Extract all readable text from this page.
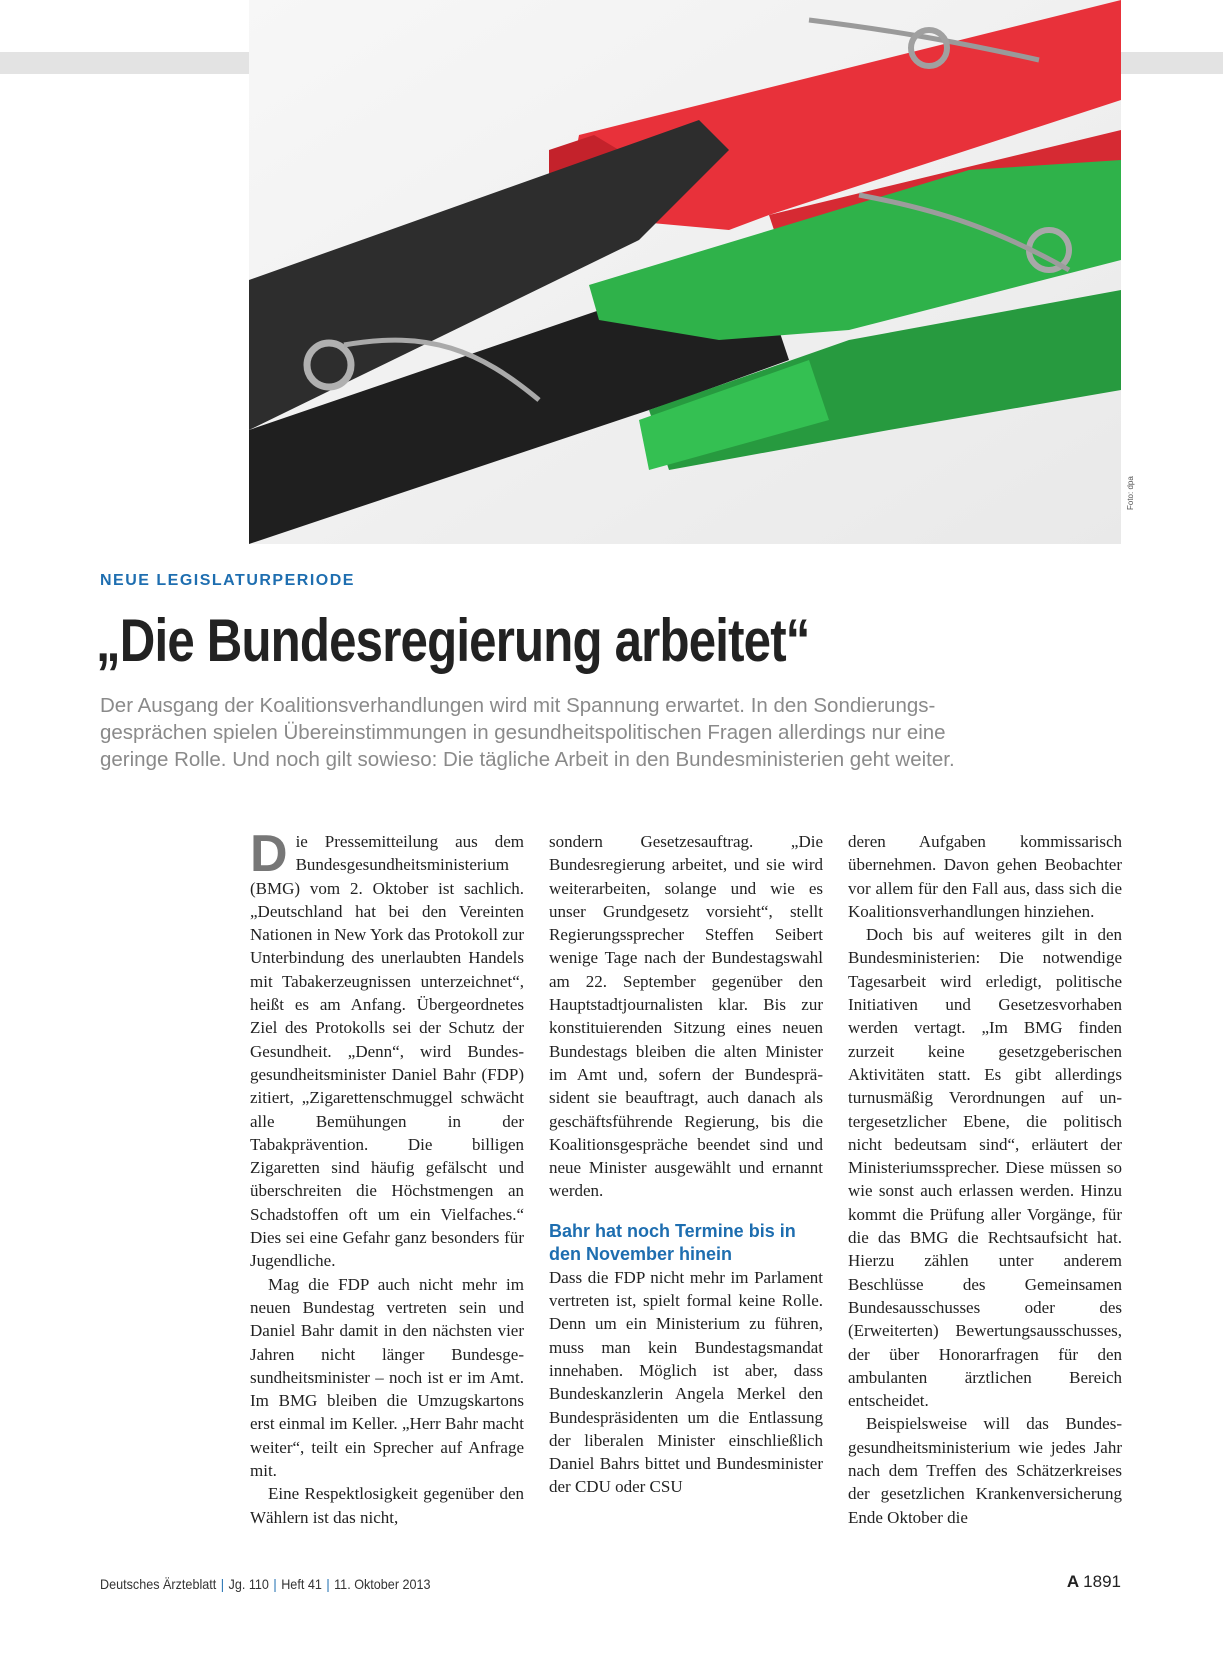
Foto: dpa
NEUE LEGISLATURPERIODE
„Die Bundesregierung arbeitet“
Der Ausgang der Koalitionsverhandlungen wird mit Spannung erwartet. In den Sondierungs-
gesprächen spielen Übereinstimmungen in gesundheitspolitischen Fragen allerdings nur eine
geringe Rolle. Und noch gilt sowieso: Die tägliche Arbeit in den Bundesministerien geht weiter.

Die Pressemitteilung aus dem Bundesgesundheitsministerium (BMG) vom 2. Oktober ist sachlich. „Deutschland hat bei den Vereinten Nationen in New York das Protokoll zur Unterbindung des unerlaubten Handels mit Tabakerzeugnissen unterzeichnet“, heißt es am Anfang. Übergeordnetes Ziel des Protokolls sei der Schutz der Gesundheit. „Denn“, wird Bundesgesundheitsminister Daniel Bahr (FDP) zitiert, „Zigarettenschmuggel schwächt alle Bemühungen in der Tabakprävention. Die billigen Zigaretten sind häufig gefälscht und überschreiten die Höchstmengen an Schadstoffen oft um ein Vielfaches.“ Dies sei eine Gefahr ganz besonders für Jugendliche.

Mag die FDP auch nicht mehr im neuen Bundestag vertreten sein und Daniel Bahr damit in den nächsten vier Jahren nicht länger Bundesgesundheitsminister – noch ist er im Amt. Im BMG bleiben die Umzugskartons erst einmal im Keller. „Herr Bahr macht weiter“, teilt ein Sprecher auf Anfrage mit.

Eine Respektlosigkeit gegenüber den Wählern ist das nicht,

sondern Gesetzesauftrag. „Die Bundesregierung arbeitet, und sie wird weiterarbeiten, solange und wie es unser Grundgesetz vorsieht“, stellt Regierungssprecher Steffen Seibert wenige Tage nach der Bundestagswahl am 22. September gegenüber den Hauptstadtjournalisten klar. Bis zur konstituierenden Sitzung eines neuen Bundestags bleiben die alten Minister im Amt und, sofern der Bundespräsident sie beauftragt, auch danach als geschäftsführende Regierung, bis die Koalitionsgespräche beendet sind und neue Minister ausgewählt und ernannt werden.

Bahr hat noch Termine bis in den November hinein

Dass die FDP nicht mehr im Parlament vertreten ist, spielt formal keine Rolle. Denn um ein Ministerium zu führen, muss man kein Bundestagsmandat innehaben. Möglich ist aber, dass Bundeskanzlerin Angela Merkel den Bundespräsidenten um die Entlassung der liberalen Minister einschließlich Daniel Bahrs bittet und Bundesminister der CDU oder CSU

deren Aufgaben kommissarisch übernehmen. Davon gehen Beobachter vor allem für den Fall aus, dass sich die Koalitionsverhandlungen hinziehen.

Doch bis auf weiteres gilt in den Bundesministerien: Die notwendige Tagesarbeit wird erledigt, politische Initiativen und Gesetzesvorhaben werden vertagt. „Im BMG finden zurzeit keine gesetzgeberischen Aktivitäten statt. Es gibt allerdings turnusmäßig Verordnungen auf untergesetzlicher Ebene, die politisch nicht bedeutsam sind“, erläutert der Ministeriumssprecher. Diese müssen so wie sonst auch erlassen werden. Hinzu kommt die Prüfung aller Vorgänge, für die das BMG die Rechtsaufsicht hat. Hierzu zählen unter anderem Beschlüsse des Gemeinsamen Bundesausschusses oder des (Erweiterten) Bewertungsausschusses, der über Honorarfragen für den ambulanten ärztlichen Bereich entscheidet.

Beispielsweise will das Bundesgesundheitsministerium wie jedes Jahr nach dem Treffen des Schätzerkreises der gesetzlichen Krankenversicherung Ende Oktober die

Deutsches Ärzteblatt | Jg. 110 | Heft 41 | 11. Oktober 2013	A 1891
